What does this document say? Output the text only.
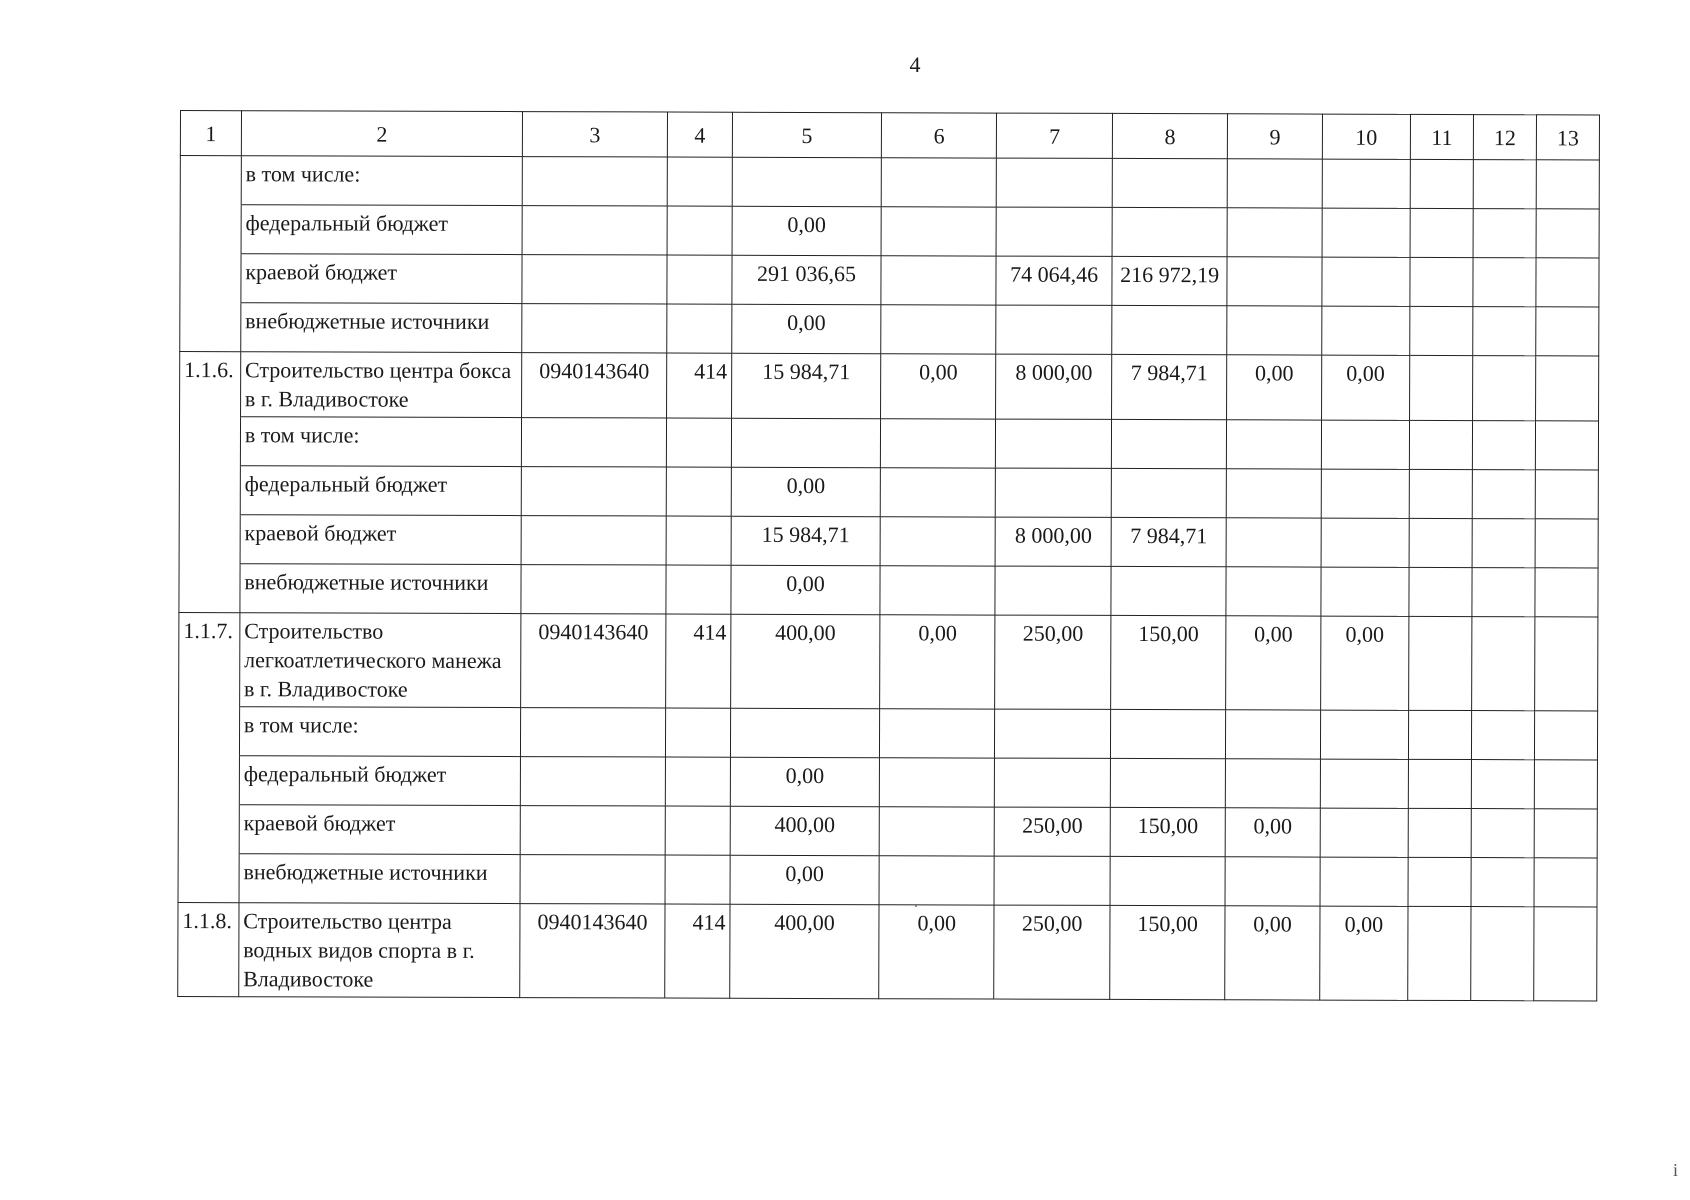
4
1	2	3	4	5	6	7	8	9	10	11	12	13
	в том числе:											
	федеральный бюджет			0,00								
	краевой бюджет			291 036,65		74 064,46	216 972,19					
	внебюджетные источники			0,00								
1.1.6.	Строительство центра бокса в г. Владивостоке	0940143640	414	15 984,71	0,00	8 000,00	7 984,71	0,00	0,00			
	в том числе:											
	федеральный бюджет			0,00								
	краевой бюджет			15 984,71		8 000,00	7 984,71					
	внебюджетные источники			0,00								
1.1.7.	Строительство легкоатлетического манежа в г. Владивостоке	0940143640	414	400,00	0,00	250,00	150,00	0,00	0,00			
	в том числе:											
	федеральный бюджет			0,00								
	краевой бюджет			400,00		250,00	150,00	0,00				
	внебюджетные источники			0,00								
1.1.8.	Строительство центра водных видов спорта в г. Владивостоке	0940143640	414	400,00	0,00	250,00	150,00	0,00	0,00			
i
